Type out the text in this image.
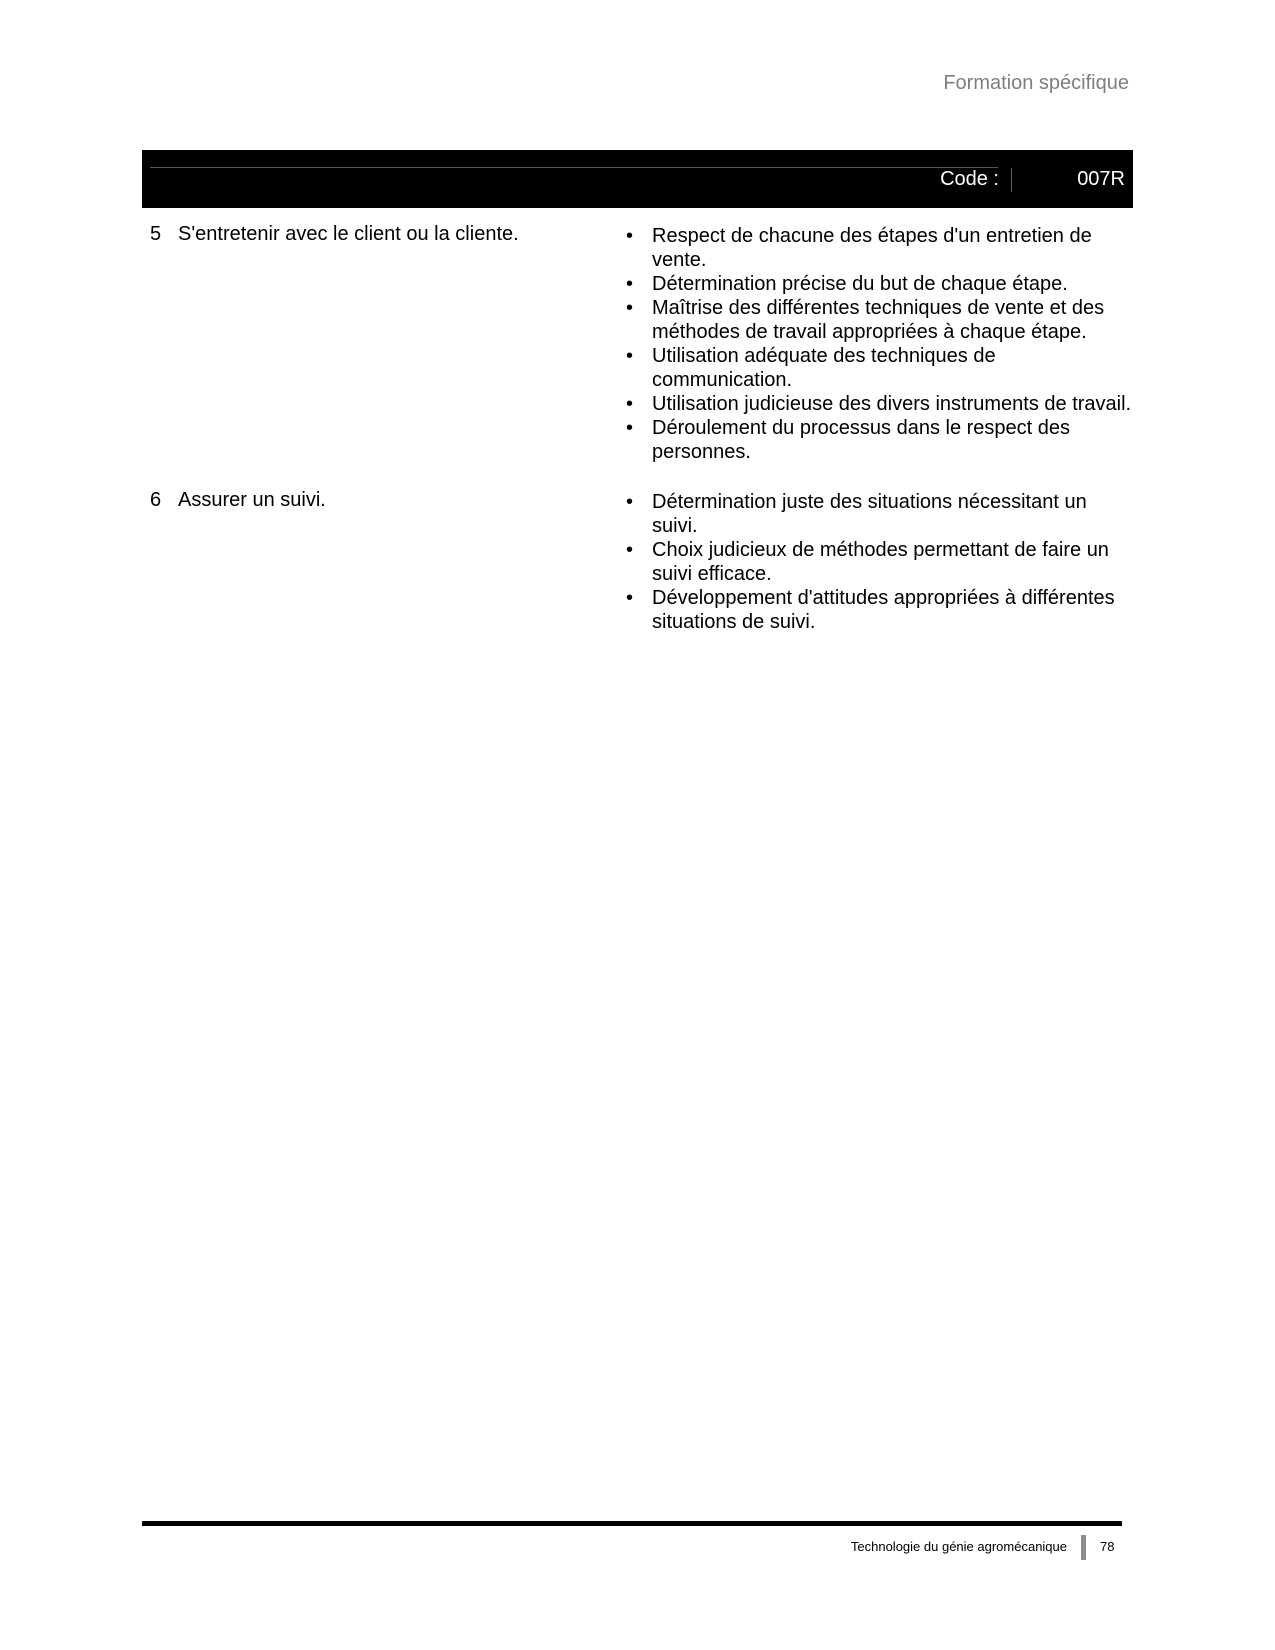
Formation spécifique
Code :	007R
5 S'entretenir avec le client ou la cliente.	• Respect de chacune des étapes d'un entretien de vente.
• Détermination précise du but de chaque étape.
• Maîtrise des différentes techniques de vente et des méthodes de travail appropriées à chaque étape.
• Utilisation adéquate des techniques de communication.
• Utilisation judicieuse des divers instruments de travail.
• Déroulement du processus dans le respect des personnes.
6 Assurer un suivi.	• Détermination juste des situations nécessitant un suivi.
• Choix judicieux de méthodes permettant de faire un suivi efficace.
• Développement d'attitudes appropriées à différentes situations de suivi.
Technologie du génie agromécanique	78
